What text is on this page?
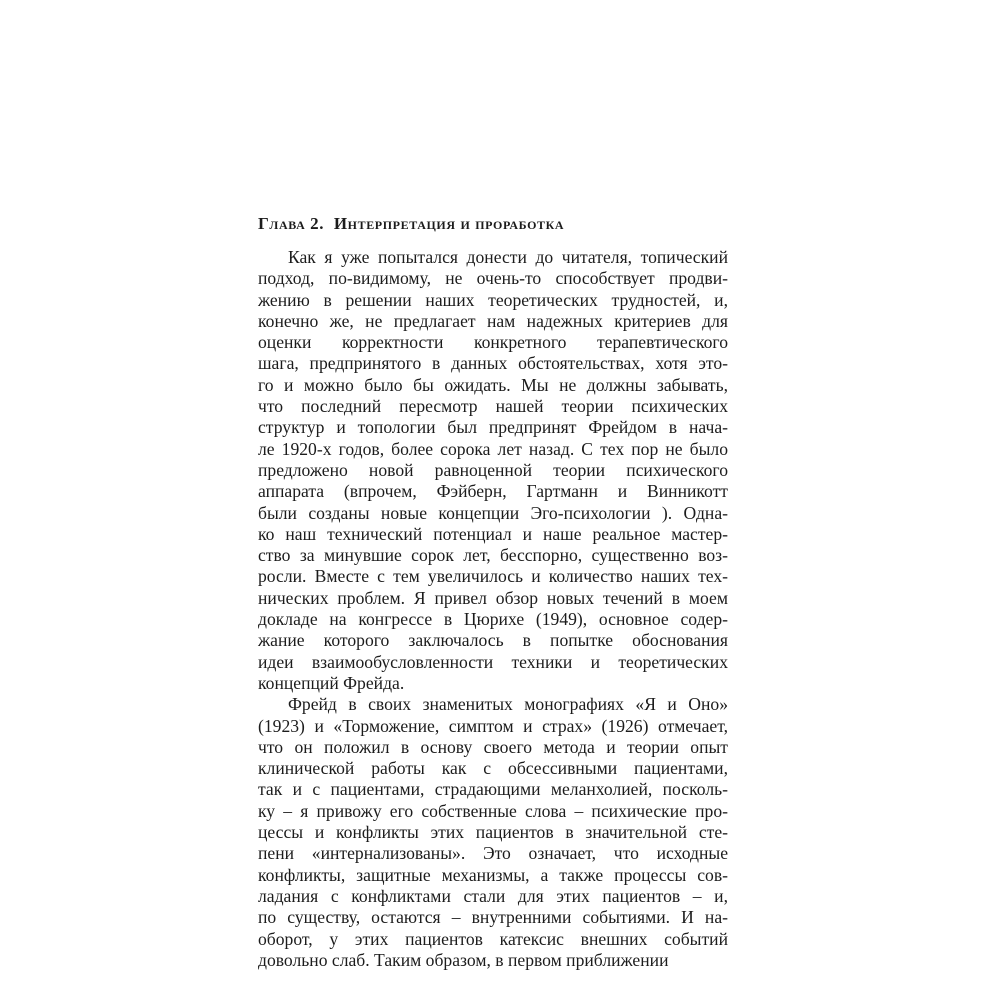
Глава 2. Интерпретация и проработка
Как я уже попытался донести до читателя, топический
подход, по-видимому, не очень-то способствует продви-
жению в решении наших теоретических трудностей, и,
конечно же, не предлагает нам надежных критериев для
оценки корректности конкретного терапевтического
шага, предпринятого в данных обстоятельствах, хотя это-
го и можно было бы ожидать. Мы не должны забывать,
что последний пересмотр нашей теории психических
структур и топологии был предпринят Фрейдом в нача-
ле 1920-х годов, более сорока лет назад. С тех пор не было
предложено новой равноценной теории психического
аппарата (впрочем, Фэйберн, Гартманн и Винникотт
были созданы новые концепции Эго-психологии ). Одна-
ко наш технический потенциал и наше реальное мастер-
ство за минувшие сорок лет, бесспорно, существенно воз-
росли. Вместе с тем увеличилось и количество наших тех-
нических проблем. Я привел обзор новых течений в моем
докладе на конгрессе в Цюрихе (1949), основное содер-
жание которого заключалось в попытке обоснования
идеи взаимообусловленности техники и теоретических
концепций Фрейда.
Фрейд в своих знаменитых монографиях «Я и Оно»
(1923) и «Торможение, симптом и страх» (1926) отмечает,
что он положил в основу своего метода и теории опыт
клинической работы как с обсессивными пациентами,
так и с пациентами, страдающими меланхолией, посколь-
ку – я привожу его собственные слова – психические про-
цессы и конфликты этих пациентов в значительной сте-
пени «интернализованы». Это означает, что исходные
конфликты, защитные механизмы, а также процессы сов-
ладания с конфликтами стали для этих пациентов – и,
по существу, остаются – внутренними событиями. И на-
оборот, у этих пациентов катексис внешних событий
довольно слаб. Таким образом, в первом приближении
